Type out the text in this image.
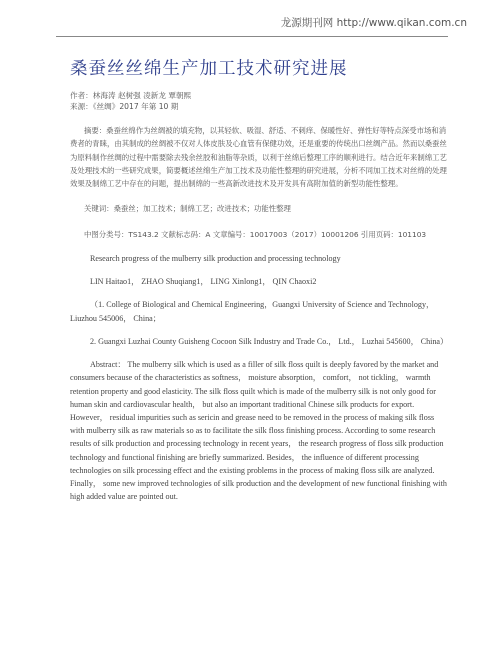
龙源期刊网 http://www.qikan.com.cn
桑蚕丝丝绵生产加工技术研究进展
作者：林海涛 赵树强 凌新龙 覃朝熙
来源：《丝绸》2017 年第 10 期
摘要：桑蚕丝绵作为丝绸被的填充物，以其轻软、吸湿、舒适、不刺痒、保暖性好、弹性好等特点深受市场和消费者的青睐，由其制成的丝绸被不仅对人体皮肤及心血管有保健功效，还是重要的传统出口丝绸产品。然而以桑蚕丝为原料制作丝绸的过程中需要除去残余丝胶和油脂等杂质，以利于丝绵后整理工序的顺利进行。结合近年来制绵工艺及处理技术的一些研究成果，简要概述丝绵生产加工技术及功能性整理的研究进展，分析不同加工技术对丝绵的处理效果及制绵工艺中存在的问题，提出制绵的一些高新改进技术及开发具有高附加值的新型功能性整理。
关键词：桑蚕丝；加工技术；制绵工艺；改进技术；功能性整理
中图分类号：TS143.2 文献标志码：A 文章编号：10017003（2017）10001206 引用页码：101103
Research progress of the mulberry silk production and processing technology
LIN Haitao1， ZHAO Shuqiang1， LING Xinlong1， QIN Chaoxi2
（1. College of Biological and Chemical Engineering，Guangxi University of Science and Technology， Liuzhou 545006， China；
2. Guangxi Luzhai County Guisheng Cocoon Silk Industry and Trade Co.， Ltd.， Luzhai 545600， China）
Abstract： The mulberry silk which is used as a filler of silk floss quilt is deeply favored by the market and consumers because of the characteristics as softness， moisture absorption， comfort， not tickling， warmth retention property and good elasticity. The silk floss quilt which is made of the mulberry silk is not only good for human skin and cardiovascular health， but also an important traditional Chinese silk products for export. However， residual impurities such as sericin and grease need to be removed in the process of making silk floss with mulberry silk as raw materials so as to facilitate the silk floss finishing process. According to some research results of silk production and processing technology in recent years， the research progress of floss silk production technology and functional finishing are briefly summarized. Besides， the influence of different processing technologies on silk processing effect and the existing problems in the process of making floss silk are analyzed. Finally， some new improved technologies of silk production and the development of new functional finishing with high added value are pointed out.
